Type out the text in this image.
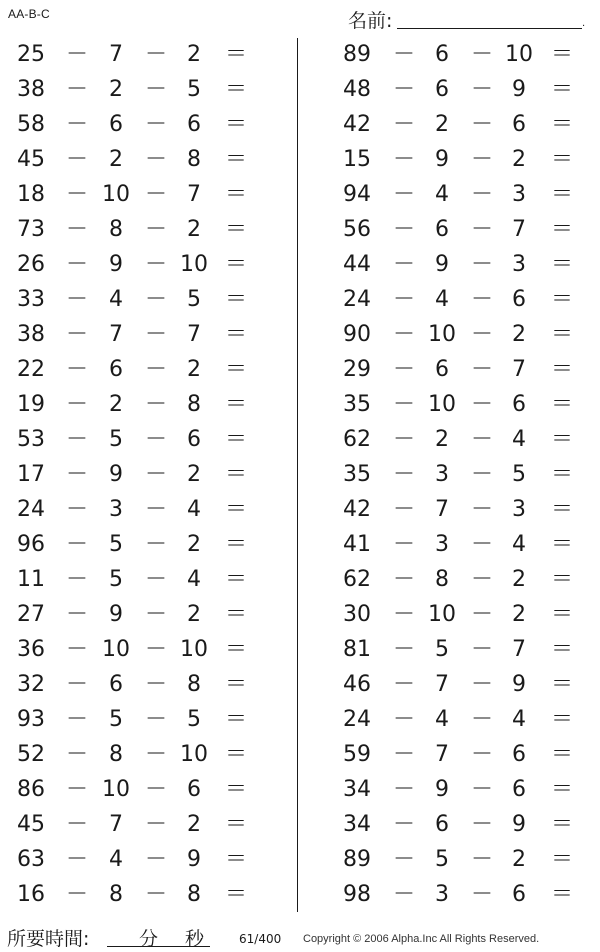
AA-B-C	名前:	.
25 － 7	－ 2	＝
38 － 2	－ 5	＝
58 － 6	－ 6	＝
45 － 2	－ 8	＝
18 － 10 － 7	＝
73 － 8	－ 2	＝
26 － 9	－ 10 ＝
33 － 4	－ 5	＝
38 － 7	－ 7	＝
22 － 6	－ 2	＝
19 － 2	－ 8	＝
53 － 5	－ 6	＝
17 － 9	－ 2	＝
24 － 3	－ 4	＝
96 － 5	－ 2	＝
11 － 5	－ 4	＝
27 － 9	－ 2	＝
36 － 10 － 10 ＝
32 － 6	－ 8	＝
93 － 5	－ 5	＝
52 － 8	－ 10 ＝
86 － 10 － 6	＝
45 － 7	－ 2	＝
63 － 4	－ 9	＝
16 － 8	－ 8	＝
89 － 6	－ 10 ＝
48 － 6	－ 9	＝
42 － 2	－ 6	＝
15 － 9	－ 2	＝
94 － 4	－ 3	＝
56 － 6	－ 7	＝
44 － 9	－ 3	＝
24 － 4	－ 6	＝
90 － 10 － 2	＝
29 － 6	－ 7	＝
35 － 10 － 6	＝
62 － 2	－ 4	＝
35 － 3	－ 5	＝
42 － 7	－ 3	＝
41 － 3	－ 4	＝
62 － 8	－ 2	＝
30 － 10 － 2	＝
81 － 5	－ 7	＝
46 － 7	－ 9	＝
24 － 4	－ 4	＝
59 － 7	－ 6	＝
34 － 9	－ 6	＝
34 － 6	－ 9	＝
89 － 5	－ 2	＝
98 － 3	－ 6	＝
所要時間:	分 秒	61/400 Copyright © 2006 Alpha.Inc All Rights Reserved.
